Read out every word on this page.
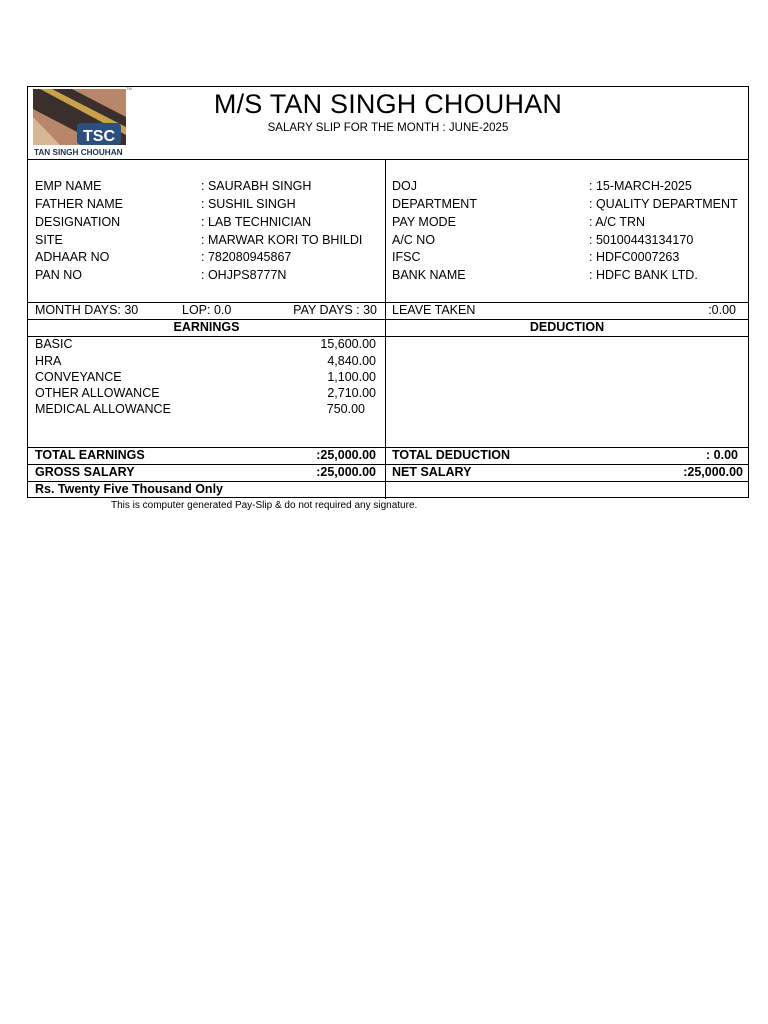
TSC
TAN SINGH CHOUHAN
TM
M/S TAN SINGH CHOUHAN
SALARY SLIP FOR THE MONTH : JUNE-2025
EMP NAME	: SAURABH SINGH
FATHER NAME	: SUSHIL SINGH
DESIGNATION	: LAB TECHNICIAN
SITE	: MARWAR KORI TO BHILDI
ADHAAR NO	: 782080945867
PAN NO	: OHJPS8777N
DOJ	: 15-MARCH-2025
DEPARTMENT	: QUALITY DEPARTMENT
PAY MODE	: A/C TRN
A/C NO	: 50100443134170
IFSC	: HDFC0007263
BANK NAME	: HDFC BANK LTD.
MONTH DAYS: 30	LOP: 0.0	PAY DAYS : 30 LEAVE TAKEN	:0.00
EARNINGS	DEDUCTION
BASIC	15,600.00
HRA	4,840.00
CONVEYANCE	1,100.00
OTHER ALLOWANCE	2,710.00
MEDICAL ALLOWANCE	750.00
TOTAL EARNINGS	:25,000.00 TOTAL DEDUCTION	: 0.00
GROSS SALARY	:25,000.00 NET SALARY	:25,000.00
Rs. Twenty Five Thousand Only
This is computer generated Pay-Slip & do not required any signature.
